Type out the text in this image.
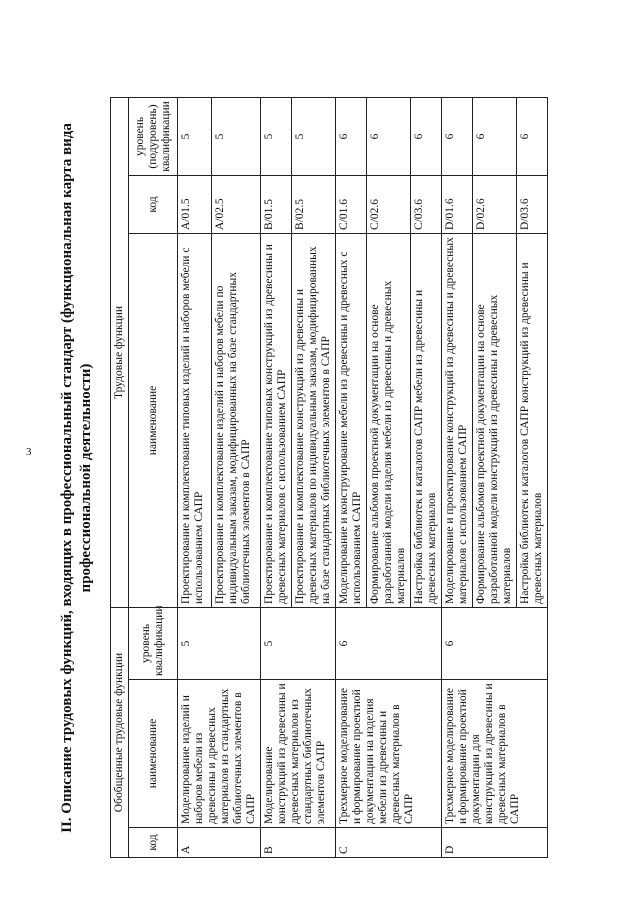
3 II. Описание трудовых функций, входящих в профессиональный стандарт (функциональная карта вида профессиональной деятельности)
Обобщенные трудовые функции			Трудовые функции		
код	наименование	уровень квалификации	наименование	код	уровень (подуровень) квалификации
A	Моделирование изделий и наборов мебели из древесины и древесных материалов из стандартных библиотечных элементов в САПР	5	Проектирование и комплектование типовых изделий и наборов мебели с использованием САПР	A/01.5	5
			Проектирование и комплектование изделий и наборов мебели по индивидуальным заказам, модифицированных на базе стандартных библиотечных элементов в САПР	A/02.5	5
B	Моделирование конструкций из древесины и древесных материалов из стандартных библиотечных элементов САПР	5	Проектирование и комплектование типовых конструкций из древесины и древесных материалов с использованием САПР	B/01.5	5
			Проектирование и комплектование конструкций из древесины и древесных материалов по индивидуальным заказам, модифицированных на базе стандартных библиотечных элементов в САПР	B/02.5	5
C	Трехмерное моделирование и формирование проектной документации на изделия мебели из древесины и древесных материалов в САПР	6	Моделирование и конструирование мебели из древесины и древесных с использованием САПР	C/01.6	6
			Формирование альбомов проектной документации на основе разработанной модели изделия мебели из древесины и древесных материалов	C/02.6	6
			Настройка библиотек и каталогов САПР мебели из древесины и древесных материалов	C/03.6	6
D	Трехмерное моделирование и формирование проектной документации для конструкций из древесины и древесных материалов в САПР	6	Моделирование и проектирование конструкций из древесины и древесных материалов с использованием САПР	D/01.6	6
			Формирование альбомов проектной документации на основе разработанной модели конструкций из древесины и древесных материалов	D/02.6	6
			Настройка библиотек и каталогов САПР конструкций из древесины и древесных материалов	D/03.6	6
